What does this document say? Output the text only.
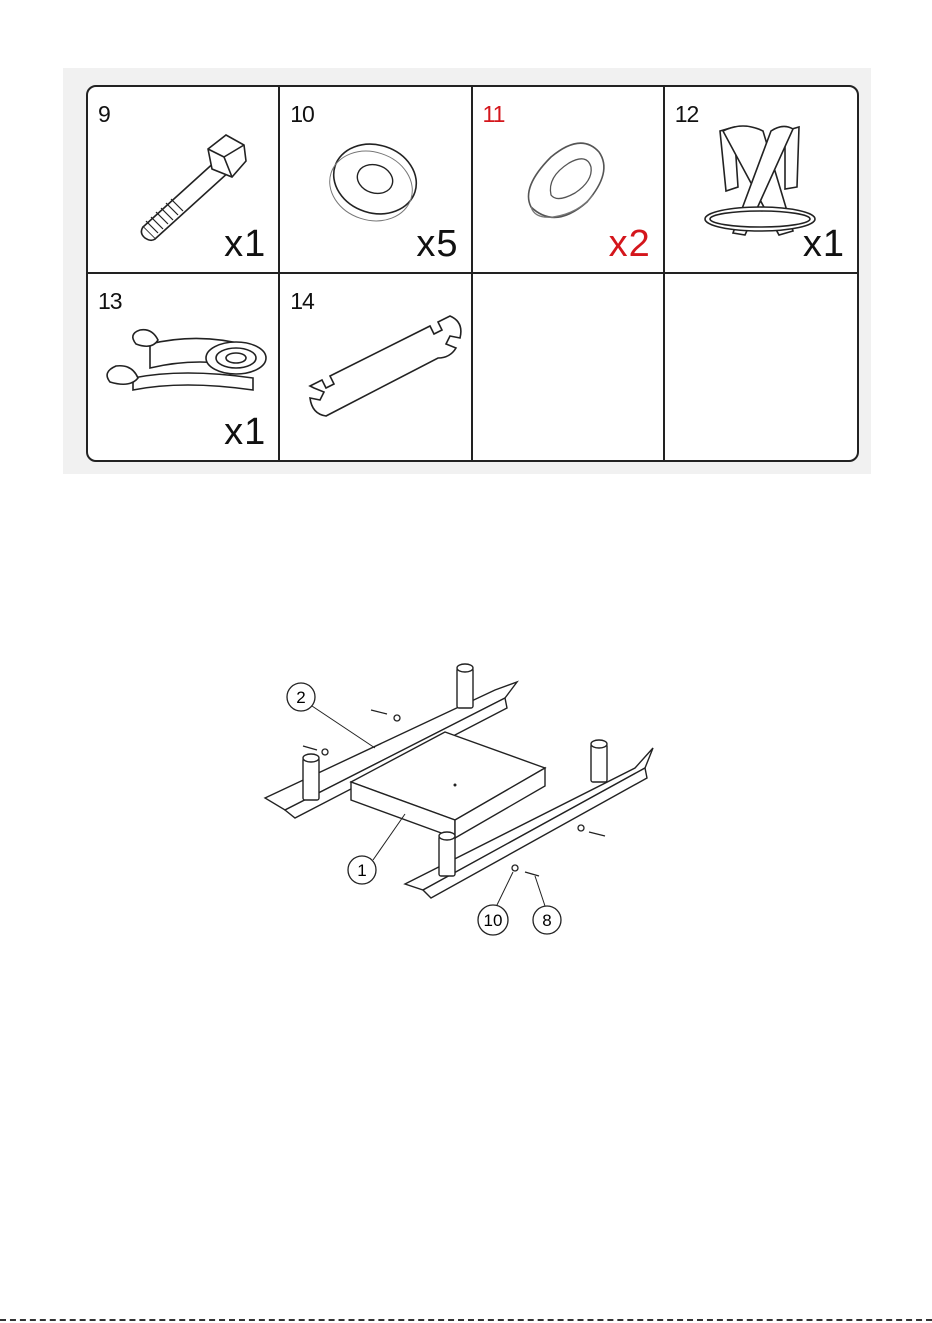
9
x1
10
x5
11
x2
12
x1
13
x1
14
2
1
10 8
